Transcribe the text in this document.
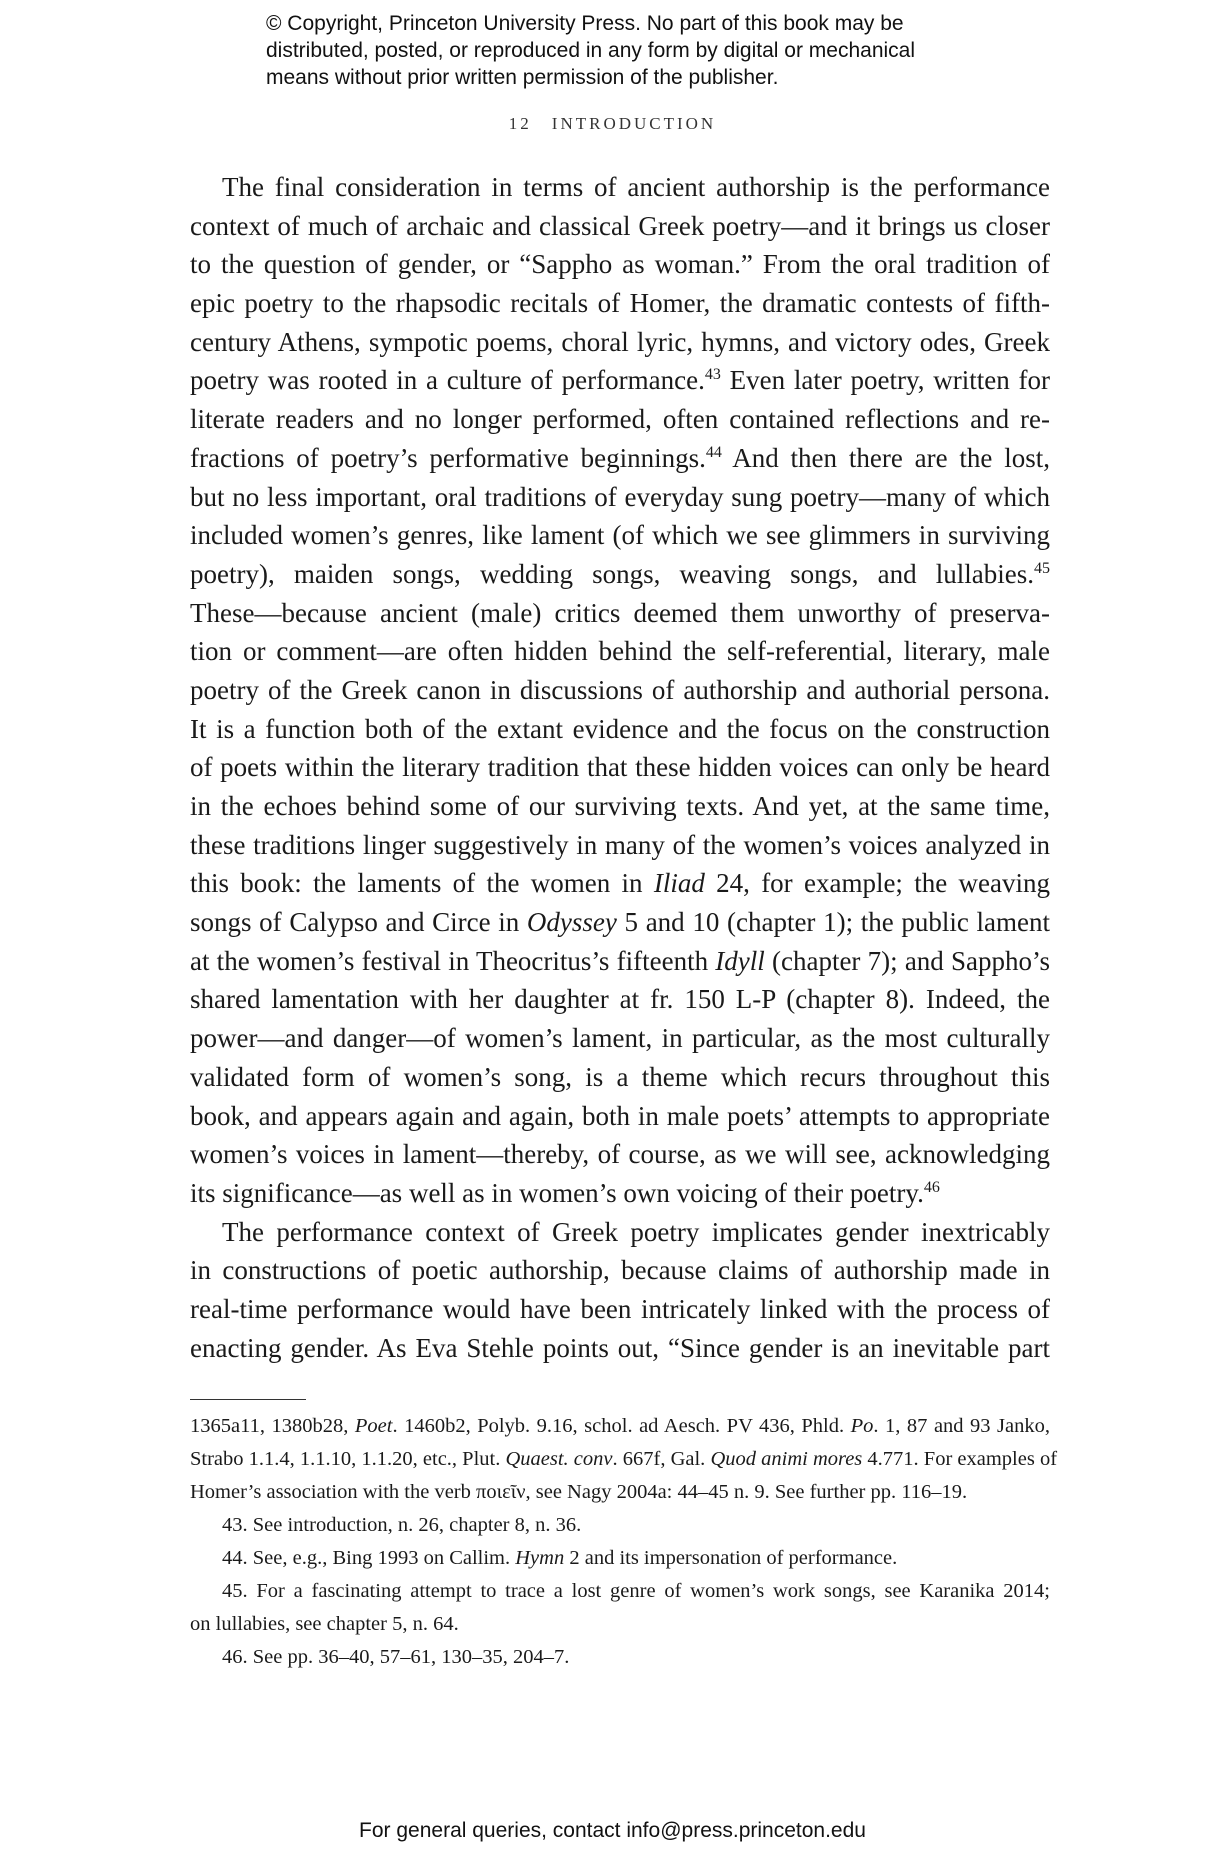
© Copyright, Princeton University Press. No part of this book may be
distributed, posted, or reproduced in any form by digital or mechanical
means without prior written permission of the publisher.
12 INTRODUCTION
The final consideration in terms of ancient authorship is the performance
context of much of archaic and classical Greek poetry—and it brings us closer
to the question of gender, or “Sappho as woman.” From the oral tradition of
epic poetry to the rhapsodic recitals of Homer, the dramatic contests of fifth-
century Athens, sympotic poems, choral lyric, hymns, and victory odes, Greek
poetry was rooted in a culture of performance.$^{43}$ Even later poetry, written for
literate readers and no longer performed, often contained reflections and re-
fractions of poetry’s performative beginnings.$^{44}$ And then there are the lost,
but no less important, oral traditions of everyday sung poetry—many of which
included women’s genres, like lament (of which we see glimmers in surviving
poetry), maiden songs, wedding songs, weaving songs, and lullabies.$^{45}$
These—because ancient (male) critics deemed them unworthy of preserva-
tion or comment—are often hidden behind the self-referential, literary, male
poetry of the Greek canon in discussions of authorship and authorial persona.
It is a function both of the extant evidence and the focus on the construction
of poets within the literary tradition that these hidden voices can only be heard
in the echoes behind some of our surviving texts. And yet, at the same time,
these traditions linger suggestively in many of the women’s voices analyzed in
this book: the laments of the women in Iliad 24, for example; the weaving
songs of Calypso and Circe in Odyssey 5 and 10 (chapter 1); the public lament
at the women’s festival in Theocritus’s fifteenth Idyll (chapter 7); and Sappho’s
shared lamentation with her daughter at fr. 150 L-P (chapter 8). Indeed, the
power—and danger—of women’s lament, in particular, as the most culturally
validated form of women’s song, is a theme which recurs throughout this
book, and appears again and again, both in male poets’ attempts to appropriate
women’s voices in lament—thereby, of course, as we will see, acknowledging
its significance—as well as in women’s own voicing of their poetry.$^{46}$
The performance context of Greek poetry implicates gender inextricably
in constructions of poetic authorship, because claims of authorship made in
real-time performance would have been intricately linked with the process of
enacting gender. As Eva Stehle points out, “Since gender is an inevitable part
1365a11, 1380b28, Poet. 1460b2, Polyb. 9.16, schol. ad Aesch. PV 436, Phld. Po. 1, 87 and 93 Janko,
Strabo 1.1.4, 1.1.10, 1.1.20, etc., Plut. Quaest. conv. 667f, Gal. Quod animi mores 4.771. For examples of
Homer’s association with the verb ποιεῖν, see Nagy 2004a: 44–45 n. 9. See further pp. 116–19.
43. See introduction, n. 26, chapter 8, n. 36.
44. See, e.g., Bing 1993 on Callim. Hymn 2 and its impersonation of performance.
45. For a fascinating attempt to trace a lost genre of women’s work songs, see Karanika 2014;
on lullabies, see chapter 5, n. 64.
46. See pp. 36–40, 57–61, 130–35, 204–7.
For general queries, contact info@press.princeton.edu
